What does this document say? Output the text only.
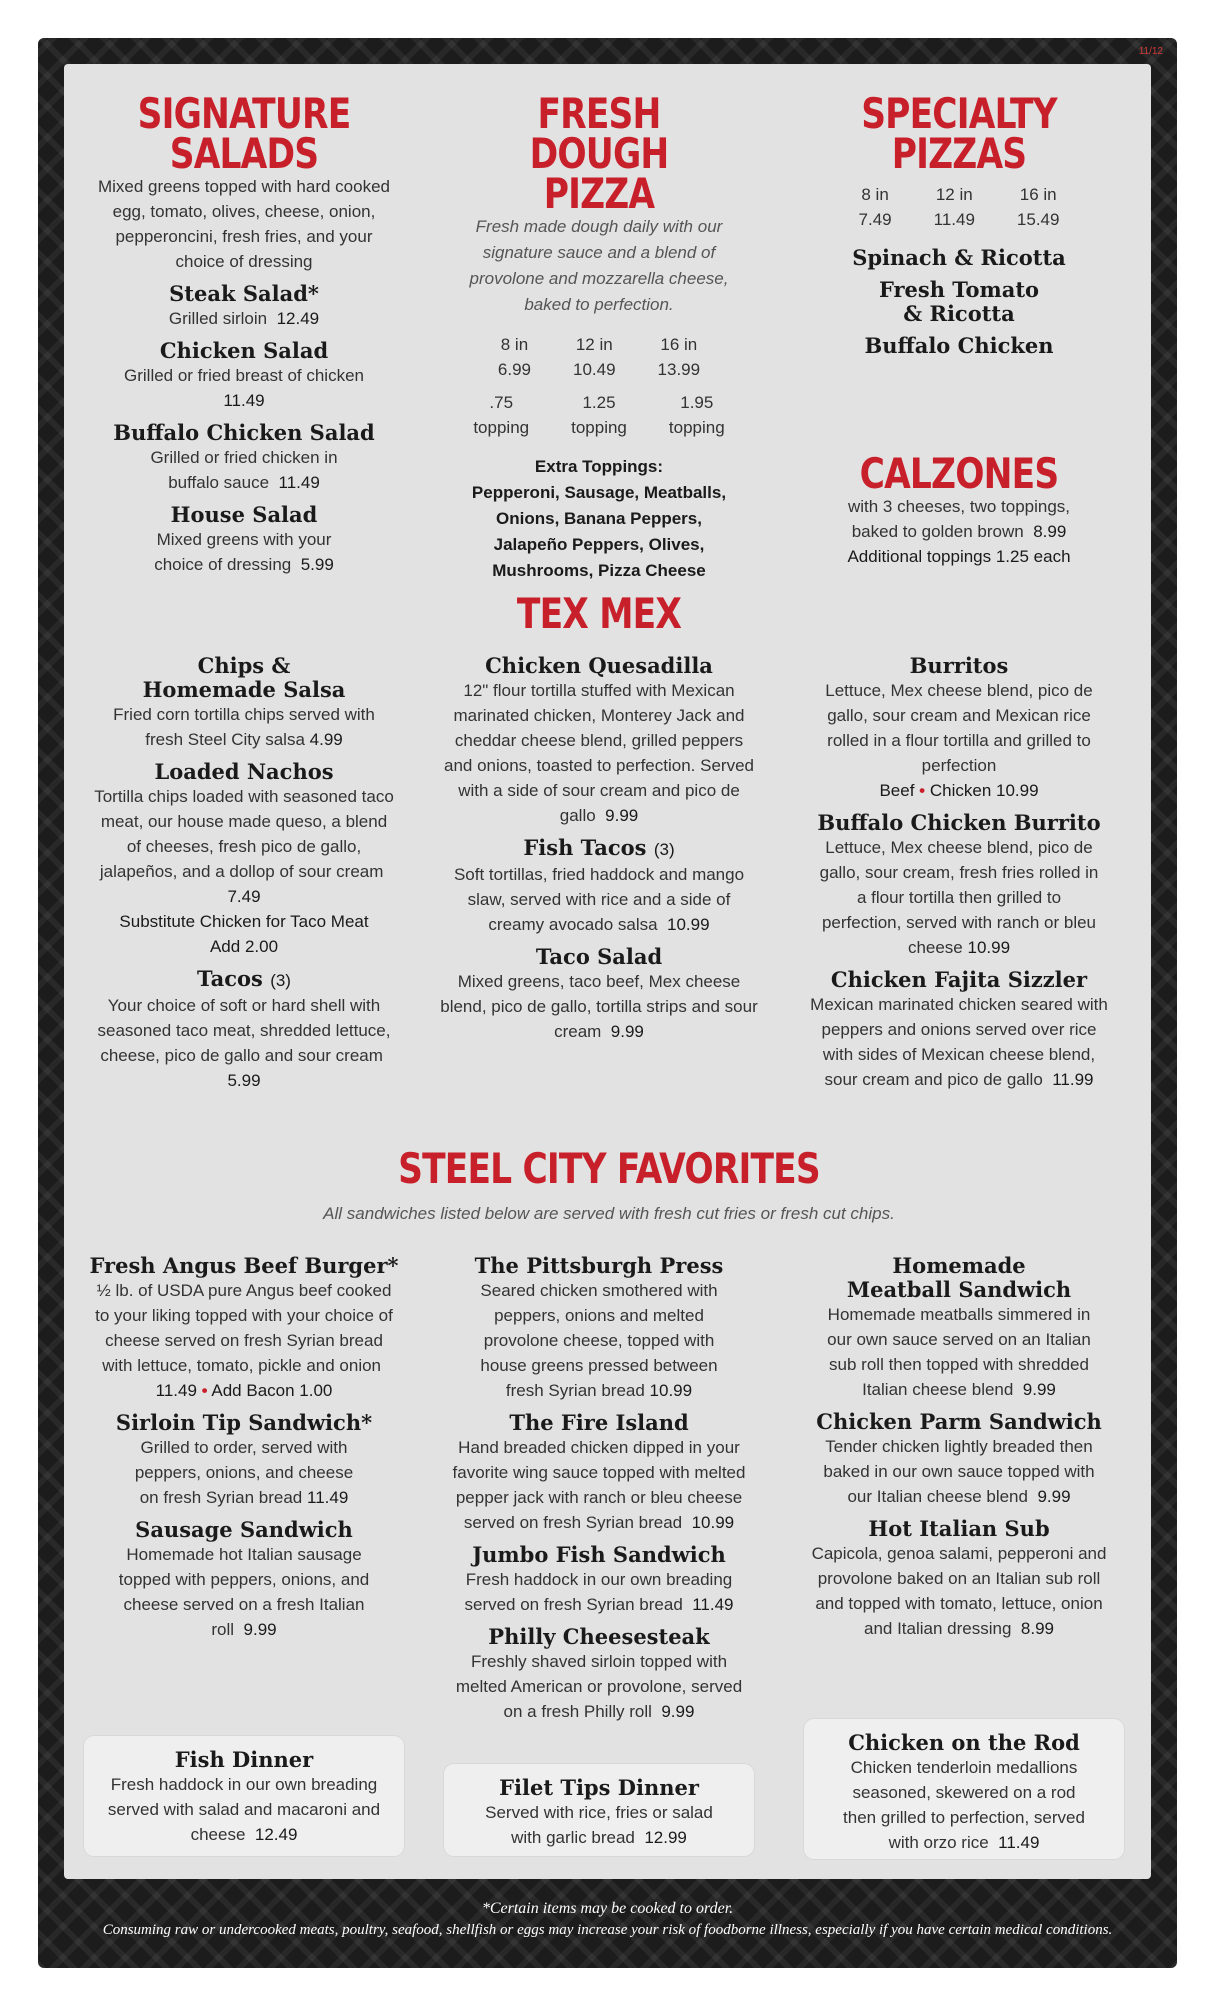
11/12
SIGNATURE
SALADS
Mixed greens topped with hard cooked egg, tomato, olives, cheese, onion, pepperoncini, fresh fries, and your choice of dressing
Steak Salad*
Grilled sirloin 12.49
Chicken Salad
Grilled or fried breast of chicken
11.49
Buffalo Chicken Salad
Grilled or fried chicken in buffalo sauce 11.49
House Salad
Mixed greens with your choice of dressing 5.99
FRESH DOUGH
PIZZA
Fresh made dough daily with our signature sauce and a blend of provolone and mozzarella cheese, baked to perfection.
8 in
6.99
12 in
10.49
16 in
13.99
.75
topping
1.25
topping
1.95
topping
Extra Toppings:
Pepperoni, Sausage, Meatballs, Onions, Banana Peppers, Jalapeño Peppers, Olives, Mushrooms, Pizza Cheese
SPECIALTY
PIZZAS
8 in
7.49
12 in
11.49
16 in
15.49
Spinach & Ricotta
Fresh Tomato & Ricotta
Buffalo Chicken
CALZONES
with 3 cheeses, two toppings, baked to golden brown 8.99
Additional toppings 1.25 each
TEX MEX
Chips &
Homemade Salsa
Fried corn tortilla chips served with fresh Steel City salsa 4.99
Loaded Nachos
Tortilla chips loaded with seasoned taco meat, our house made queso, a blend of cheeses, fresh pico de gallo, jalapeños, and a dollop of sour cream  7.49
Substitute Chicken for Taco Meat
Add 2.00
Tacos (3)
Your choice of soft or hard shell with seasoned taco meat, shredded lettuce, cheese, pico de gallo and sour cream  5.99
Chicken Quesadilla
12" flour tortilla stuffed with Mexican marinated chicken, Monterey Jack and cheddar cheese blend, grilled peppers and onions, toasted to perfection. Served with a side of sour cream and pico de gallo 9.99
Fish Tacos (3)
Soft tortillas, fried haddock and mango slaw, served with rice and a side of creamy avocado salsa 10.99
Taco Salad
Mixed greens, taco beef, Mex cheese blend, pico de gallo, tortilla strips and sour cream 9.99
Burritos
Lettuce, Mex cheese blend, pico de gallo, sour cream and Mexican rice rolled in a flour tortilla and grilled to perfection
Beef • Chicken 10.99
Buffalo Chicken Burrito
Lettuce, Mex cheese blend, pico de gallo, sour cream, fresh fries rolled in a flour tortilla then grilled to perfection, served with ranch or bleu cheese 10.99
Chicken Fajita Sizzler
Mexican marinated chicken seared with peppers and onions served over rice with sides of Mexican cheese blend, sour cream and pico de gallo 11.99
STEEL CITY FAVORITES
All sandwiches listed below are served with fresh cut fries or fresh cut chips.
Fresh Angus Beef Burger*
½ lb. of USDA pure Angus beef cooked to your liking topped with your choice of cheese served on fresh Syrian bread with lettuce, tomato, pickle and onion  11.49 • Add Bacon 1.00
Sirloin Tip Sandwich*
Grilled to order, served with peppers, onions, and cheese on fresh Syrian bread 11.49
Sausage Sandwich
Homemade hot Italian sausage topped with peppers, onions, and cheese served on a fresh Italian roll 9.99
The Pittsburgh Press
Seared chicken smothered with peppers, onions and melted provolone cheese, topped with house greens pressed between fresh Syrian bread 10.99
The Fire Island
Hand breaded chicken dipped in your favorite wing sauce topped with melted pepper jack with ranch or bleu cheese served on fresh Syrian bread 10.99
Jumbo Fish Sandwich
Fresh haddock in our own breading served on fresh Syrian bread 11.49
Philly Cheesesteak
Freshly shaved sirloin topped with melted American or provolone, served on a fresh Philly roll 9.99
Homemade
Meatball Sandwich
Homemade meatballs simmered in our own sauce served on an Italian sub roll then topped with shredded Italian cheese blend 9.99
Chicken Parm Sandwich
Tender chicken lightly breaded then baked in our own sauce topped with our Italian cheese blend 9.99
Hot Italian Sub
Capicola, genoa salami, pepperoni and provolone baked on an Italian sub roll and topped with tomato, lettuce, onion and Italian dressing 8.99
Fish Dinner
Fresh haddock in our own breading served with salad and macaroni and cheese 12.49
Filet Tips Dinner
Served with rice, fries or salad with garlic bread 12.99
Chicken on the Rod
Chicken tenderloin medallions seasoned, skewered on a rod then grilled to perfection, served with orzo rice 11.49
*Certain items may be cooked to order.
Consuming raw or undercooked meats, poultry, seafood, shellfish or eggs may increase your risk of foodborne illness, especially if you have certain medical conditions.
